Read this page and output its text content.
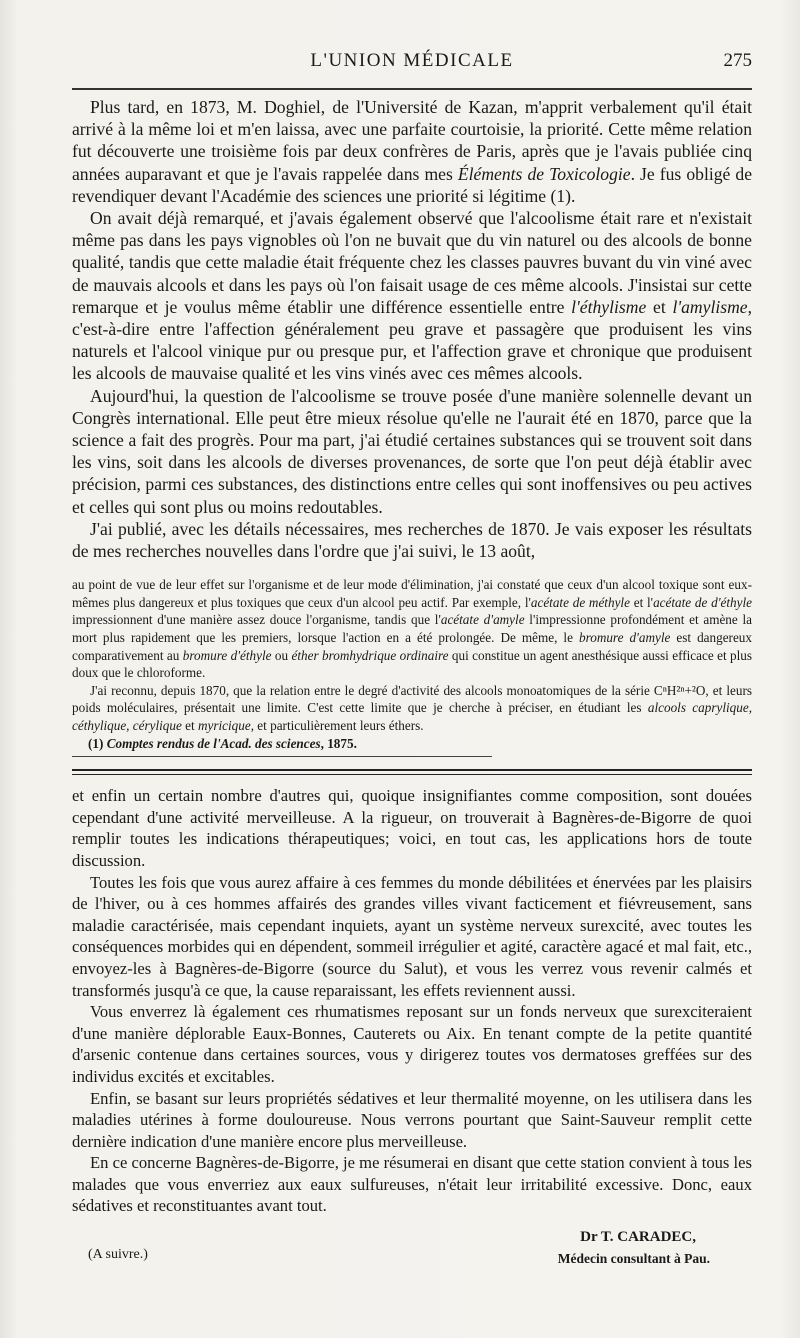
L'UNION MÉDICALE	275

Plus tard, en 1873, M. Doghiel, de l'Université de Kazan, m'apprit verbalement qu'il était arrivé à la même loi et m'en laissa, avec une parfaite courtoisie, la priorité. Cette même relation fut découverte une troisième fois par deux confrères de Paris, après que je l'avais publiée cinq années auparavant et que je l'avais rappelée dans mes Éléments de Toxicologie. Je fus obligé de revendiquer devant l'Académie des sciences une priorité si légitime (1).

On avait déjà remarqué, et j'avais également observé que l'alcoolisme était rare et n'existait même pas dans les pays vignobles où l'on ne buvait que du vin naturel ou des alcools de bonne qualité, tandis que cette maladie était fréquente chez les classes pauvres buvant du vin viné avec de mauvais alcools et dans les pays où l'on faisait usage de ces même alcools. J'insistai sur cette remarque et je voulus même établir une différence essentielle entre l'éthylisme et l'amylisme, c'est-à-dire entre l'affection généralement peu grave et passagère que produisent les vins naturels et l'alcool vinique pur ou presque pur, et l'affection grave et chronique que produisent les alcools de mauvaise qualité et les vins vinés avec ces mêmes alcools.

Aujourd'hui, la question de l'alcoolisme se trouve posée d'une manière solennelle devant un Congrès international. Elle peut être mieux résolue qu'elle ne l'aurait été en 1870, parce que la science a fait des progrès. Pour ma part, j'ai étudié certaines substances qui se trouvent soit dans les vins, soit dans les alcools de diverses provenances, de sorte que l'on peut déjà établir avec précision, parmi ces substances, des distinctions entre celles qui sont inoffensives ou peu actives et celles qui sont plus ou moins redoutables.

J'ai publié, avec les détails nécessaires, mes recherches de 1870. Je vais exposer les résultats de mes recherches nouvelles dans l'ordre que j'ai suivi, le 13 août,

au point de vue de leur effet sur l'organisme et de leur mode d'élimination, j'ai constaté que ceux d'un alcool toxique sont eux-mêmes plus dangereux et plus toxiques que ceux d'un alcool peu actif. Par exemple, l'acétate de méthyle et l'acétate de d'éthyle impressionnent d'une manière assez douce l'organisme, tandis que l'acétate d'amyle l'impressionne profondément et amène la mort plus rapidement que les premiers, lorsque l'action en a été prolongée. De même, le bromure d'amyle est dangereux comparativement au bromure d'éthyle ou éther bromhydrique ordinaire qui constitue un agent anesthésique aussi efficace et plus doux que le chloroforme.

J'ai reconnu, depuis 1870, que la relation entre le degré d'activité des alcools monoatomiques de la série CⁿH²ⁿ+²O, et leurs poids moléculaires, présentait une limite. C'est cette limite que je cherche à préciser, en étudiant les alcools caprylique, céthylique, cérylique et myricique, et particulièrement leurs éthers.

(1) Comptes rendus de l'Acad. des sciences, 1875.

et enfin un certain nombre d'autres qui, quoique insignifiantes comme composition, sont douées cependant d'une activité merveilleuse. A la rigueur, on trouverait à Bagnères-de-Bigorre de quoi remplir toutes les indications thérapeutiques; voici, en tout cas, les applications hors de toute discussion.

Toutes les fois que vous aurez affaire à ces femmes du monde débilitées et énervées par les plaisirs de l'hiver, ou à ces hommes affairés des grandes villes vivant facticement et fiévreusement, sans maladie caractérisée, mais cependant inquiets, ayant un système nerveux surexcité, avec toutes les conséquences morbides qui en dépendent, sommeil irrégulier et agité, caractère agacé et mal fait, etc., envoyez-les à Bagnères-de-Bigorre (source du Salut), et vous les verrez vous revenir calmés et transformés jusqu'à ce que, la cause reparaissant, les effets reviennent aussi.

Vous enverrez là également ces rhumatismes reposant sur un fonds nerveux que surexciteraient d'une manière déplorable Eaux-Bonnes, Cauterets ou Aix. En tenant compte de la petite quantité d'arsenic contenue dans certaines sources, vous y dirigerez toutes vos dermatoses greffées sur des individus excités et excitables.

Enfin, se basant sur leurs propriétés sédatives et leur thermalité moyenne, on les utilisera dans les maladies utérines à forme douloureuse. Nous verrons pourtant que Saint-Sauveur remplit cette dernière indication d'une manière encore plus merveilleuse.

En ce concerne Bagnères-de-Bigorre, je me résumerai en disant que cette station convient à tous les malades que vous enverriez aux eaux sulfureuses, n'était leur irritabilité excessive. Donc, eaux sédatives et reconstituantes avant tout.

(A suivre.)
Dr T. CARADEC,
Médecin consultant à Pau.
